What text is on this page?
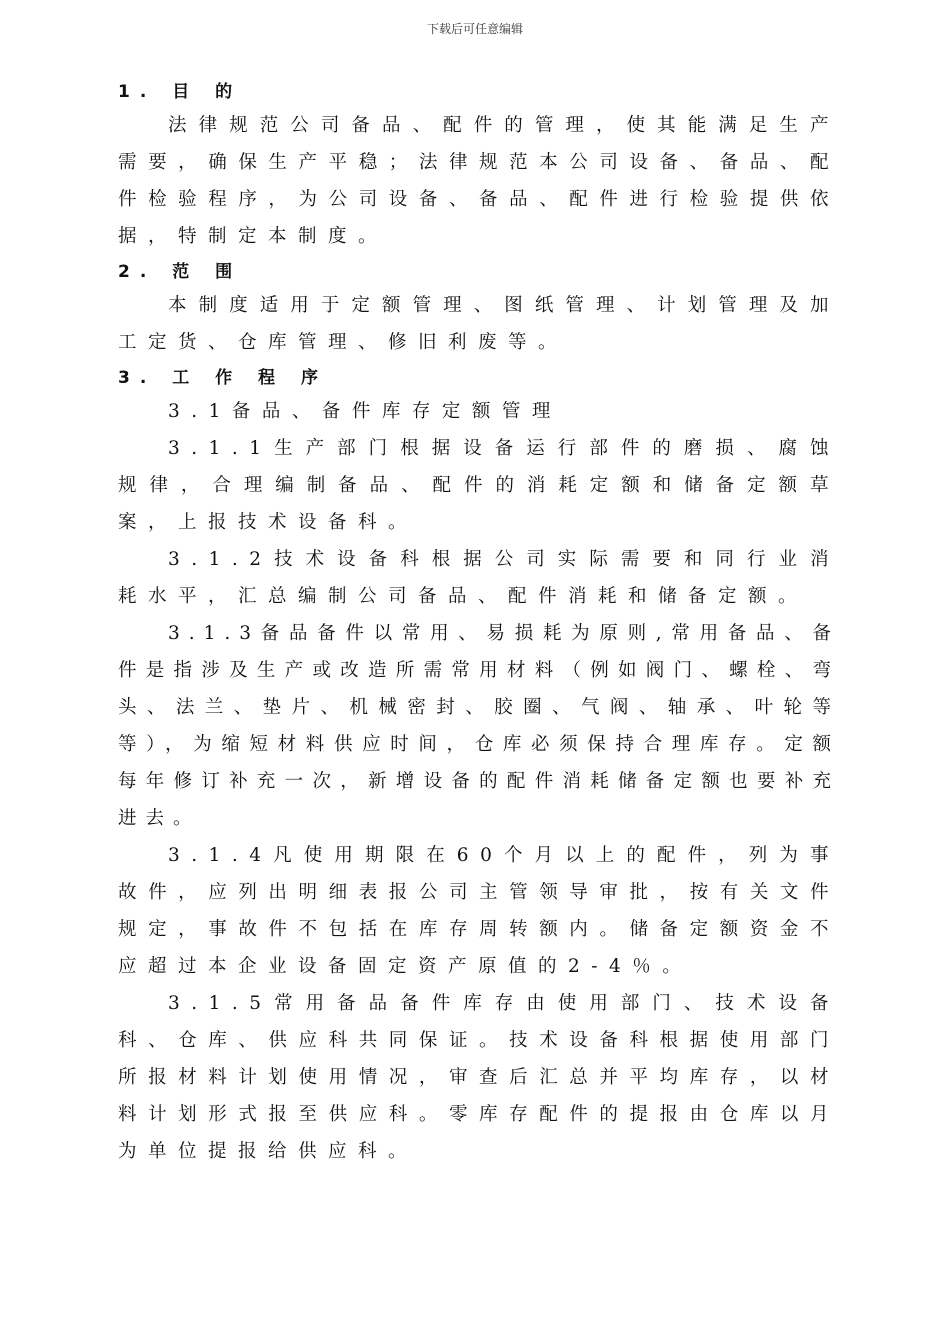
下载后可任意编辑
1. 目 的

法律规范公司备品、配件的管理，使其能满足生产需要，确保生产平稳；法律规范本公司设备、备品、配件检验程序，为公司设备、备品、配件进行检验提供依据，特制定本制度。

2. 范 围

本制度适用于定额管理、图纸管理、计划管理及加工定货、仓库管理、修旧利废等。

3. 工 作 程 序

3.1备品、备件库存定额管理

3.1.1生产部门根据设备运行部件的磨损、腐蚀规律，合理编制备品、配件的消耗定额和储备定额草案，上报技术设备科。

3.1.2技术设备科根据公司实际需要和同行业消耗水平，汇总编制公司备品、配件消耗和储备定额。

3.1.3备品备件以常用、易损耗为原则,常用备品、备件是指涉及生产或改造所需常用材料（例如阀门、螺栓、弯头、法兰、垫片、机械密封、胶圈、气阀、轴承、叶轮等等），为缩短材料供应时间，仓库必须保持合理库存。定额每年修订补充一次，新增设备的配件消耗储备定额也要补充进去。

3.1.4凡使用期限在60个月以上的配件，列为事故件，应列出明细表报公司主管领导审批，按有关文件规定，事故件不包括在库存周转额内。储备定额资金不应超过本企业设备固定资产原值的2-4％。

3.1.5常用备品备件库存由使用部门、技术设备科、仓库、供应科共同保证。技术设备科根据使用部门所报材料计划使用情况，审查后汇总并平均库存，以材料计划形式报至供应科。零库存配件的提报由仓库以月为单位提报给供应科。
